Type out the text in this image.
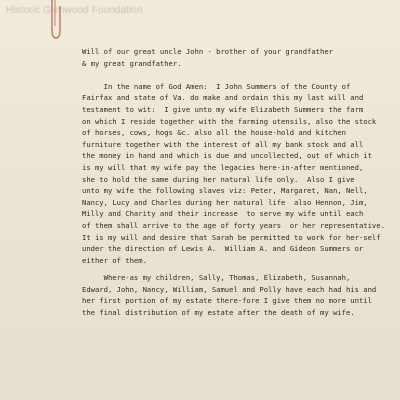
Historic Glenwood Foundation
Will of our great uncle John - brother of your grandfather
& my great grandfather.
In the name of God Amen:  I John Summers of the County of
Fairfax and state of Va. do make and ordain this my last will and
testament to wit:  I give unto my wife Elizabeth Summers the farm
on which I reside together with the farming utensils, also the stock
of horses, cows, hogs &c. also all the house-hold and kitchen
furniture together with the interest of all my bank stock and all
the money in hand and which is due and uncollected, out of which it
is my will that my wife pay the legacies here-in-after mentioned,
she to hold the same during her natural life only.  Also I give
unto my wife the following slaves viz: Peter, Margaret, Nan, Nell,
Nancy, Lucy and Charles during her natural life  also Hennon, Jim,
Milly and Charity and their increase  to serve my wife until each
of them shall arrive to the age of forty years  or her representative.
It is my will and desire that Sarah be permitted to work for her-self
under the direction of Lewis A.  William A. and Gideon Summers or
either of them.
Where-as my children, Sally, Thomas, Elizabeth, Susannah,
Edward, John, Nancy, William, Samuel and Polly have each had his and
her first portion of my estate there-fore I give them no more until
the final distribution of my estate after the death of my wife.
